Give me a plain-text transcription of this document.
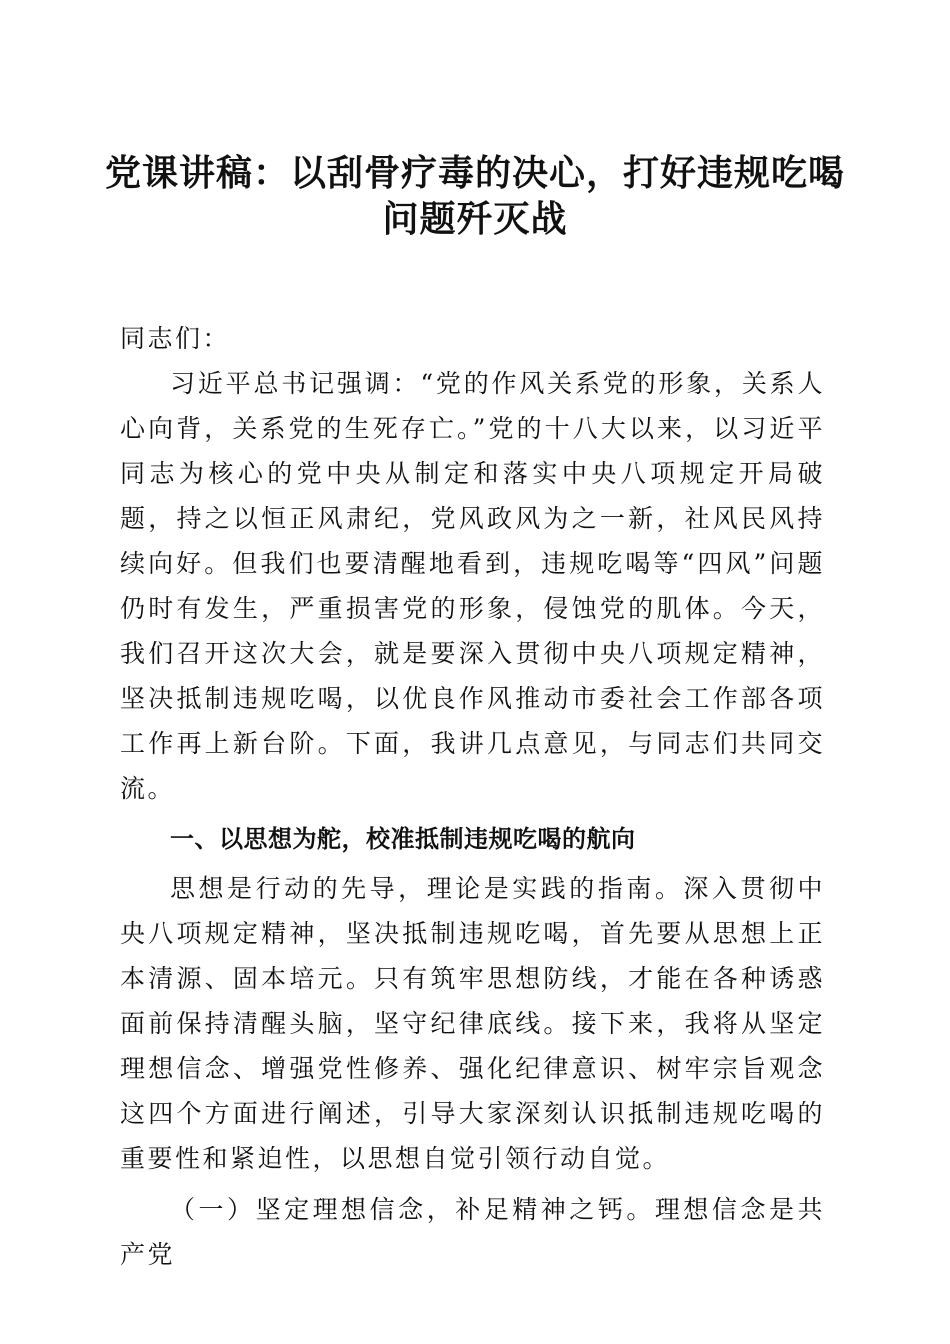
党课讲稿：以刮骨疗毒的决心，打好违规吃喝
问题歼灭战

同志们：

习近平总书记强调：“党的作风关系党的形象，关系人心向背，关系党的生死存亡。”党的十八大以来，以习近平同志为核心的党中央从制定和落实中央八项规定开局破题，持之以恒正风肃纪，党风政风为之一新，社风民风持续向好。但我们也要清醒地看到，违规吃喝等“四风”问题仍时有发生，严重损害党的形象，侵蚀党的肌体。今天，我们召开这次大会，就是要深入贯彻中央八项规定精神，坚决抵制违规吃喝，以优良作风推动市委社会工作部各项工作再上新台阶。下面，我讲几点意见，与同志们共同交流。

一、以思想为舵，校准抵制违规吃喝的航向

思想是行动的先导，理论是实践的指南。深入贯彻中央八项规定精神，坚决抵制违规吃喝，首先要从思想上正本清源、固本培元。只有筑牢思想防线，才能在各种诱惑面前保持清醒头脑，坚守纪律底线。接下来，我将从坚定理想信念、增强党性修养、强化纪律意识、树牢宗旨观念这四个方面进行阐述，引导大家深刻认识抵制违规吃喝的重要性和紧迫性，以思想自觉引领行动自觉。

（一）坚定理想信念，补足精神之钙。理想信念是共产党
